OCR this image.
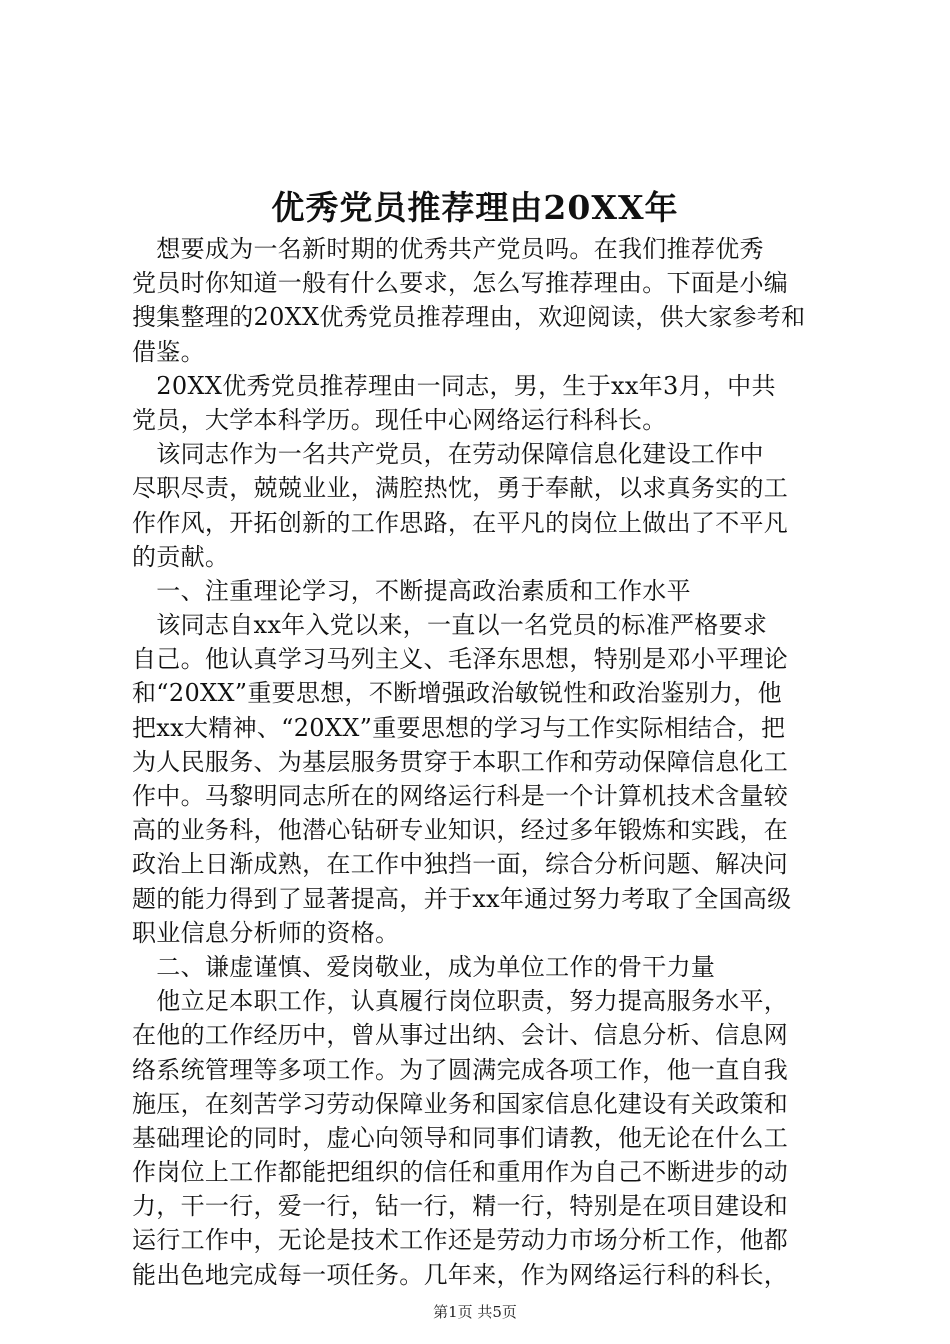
优秀党员推荐理由20XX年
　想要成为一名新时期的优秀共产党员吗。在我们推荐优秀
党员时你知道一般有什么要求，怎么写推荐理由。下面是小编
搜集整理的20XX优秀党员推荐理由，欢迎阅读，供大家参考和
借鉴。
　20XX优秀党员推荐理由一同志，男，生于xx年3月，中共
党员，大学本科学历。现任中心网络运行科科长。
　该同志作为一名共产党员，在劳动保障信息化建设工作中
尽职尽责，兢兢业业，满腔热忱，勇于奉献，以求真务实的工
作作风，开拓创新的工作思路，在平凡的岗位上做出了不平凡
的贡献。
　一、注重理论学习，不断提高政治素质和工作水平
　该同志自xx年入党以来，一直以一名党员的标准严格要求
自己。他认真学习马列主义、毛泽东思想，特别是邓小平理论
和“20XX”重要思想，不断增强政治敏锐性和政治鉴别力，他
把xx大精神、“20XX”重要思想的学习与工作实际相结合，把
为人民服务、为基层服务贯穿于本职工作和劳动保障信息化工
作中。马黎明同志所在的网络运行科是一个计算机技术含量较
高的业务科，他潜心钻研专业知识，经过多年锻炼和实践，在
政治上日渐成熟，在工作中独挡一面，综合分析问题、解决问
题的能力得到了显著提高，并于xx年通过努力考取了全国高级
职业信息分析师的资格。
　二、谦虚谨慎、爱岗敬业，成为单位工作的骨干力量
　他立足本职工作，认真履行岗位职责，努力提高服务水平，
在他的工作经历中，曾从事过出纳、会计、信息分析、信息网
络系统管理等多项工作。为了圆满完成各项工作，他一直自我
施压，在刻苦学习劳动保障业务和国家信息化建设有关政策和
基础理论的同时，虚心向领导和同事们请教，他无论在什么工
作岗位上工作都能把组织的信任和重用作为自己不断进步的动
力，干一行，爱一行，钻一行，精一行，特别是在项目建设和
运行工作中，无论是技术工作还是劳动力市场分析工作，他都
能出色地完成每一项任务。几年来，作为网络运行科的科长，
第1页 共5页
